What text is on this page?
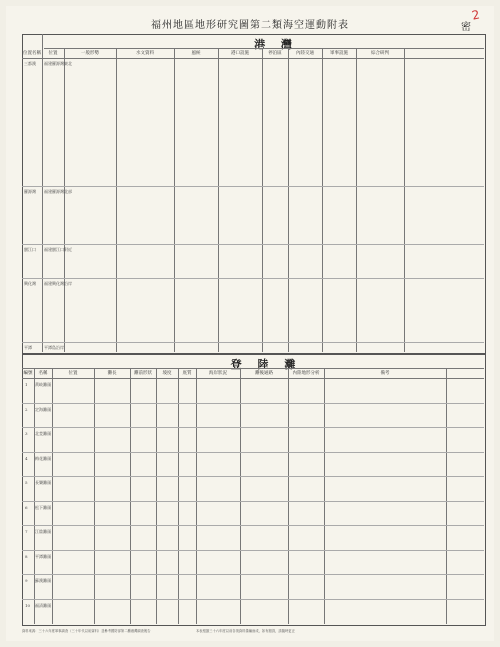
2
福州地區地形研究圖第二類海空運動附表	密
港 灣
位置名稱	位置	一般形勢	水文資料	風候	港口設施	停泊區	內陸交通	軍事設施	綜合研判
三都澳 福建羅源灣東北
羅源灣 福建羅源灣北部
閩江口 福建閩江口附近
興化灣 福建興化灣沿岸
平潭	平潭島沿岸
登 陸 灘
編號	名稱	位置	灘長	灘前形狀	坡度	底質	海岸狀況	灘後通路	內陸地形分析	備考
1 黃岐灘頭
2 定海灘頭
3 北茭灘頭
4 梅花灘頭
5 長樂灘頭
6 松下灘頭
7 江陰灘頭
8 平潭灘頭
9 蘇澳灘頭
10 福清灘頭
資料來源：三十六年度軍事調查（三十年代以前資料）並參考國防部第二廳港灣調查報告	本表根據三十六年度以前各項資料彙編而成，如有錯誤，請隨時更正
